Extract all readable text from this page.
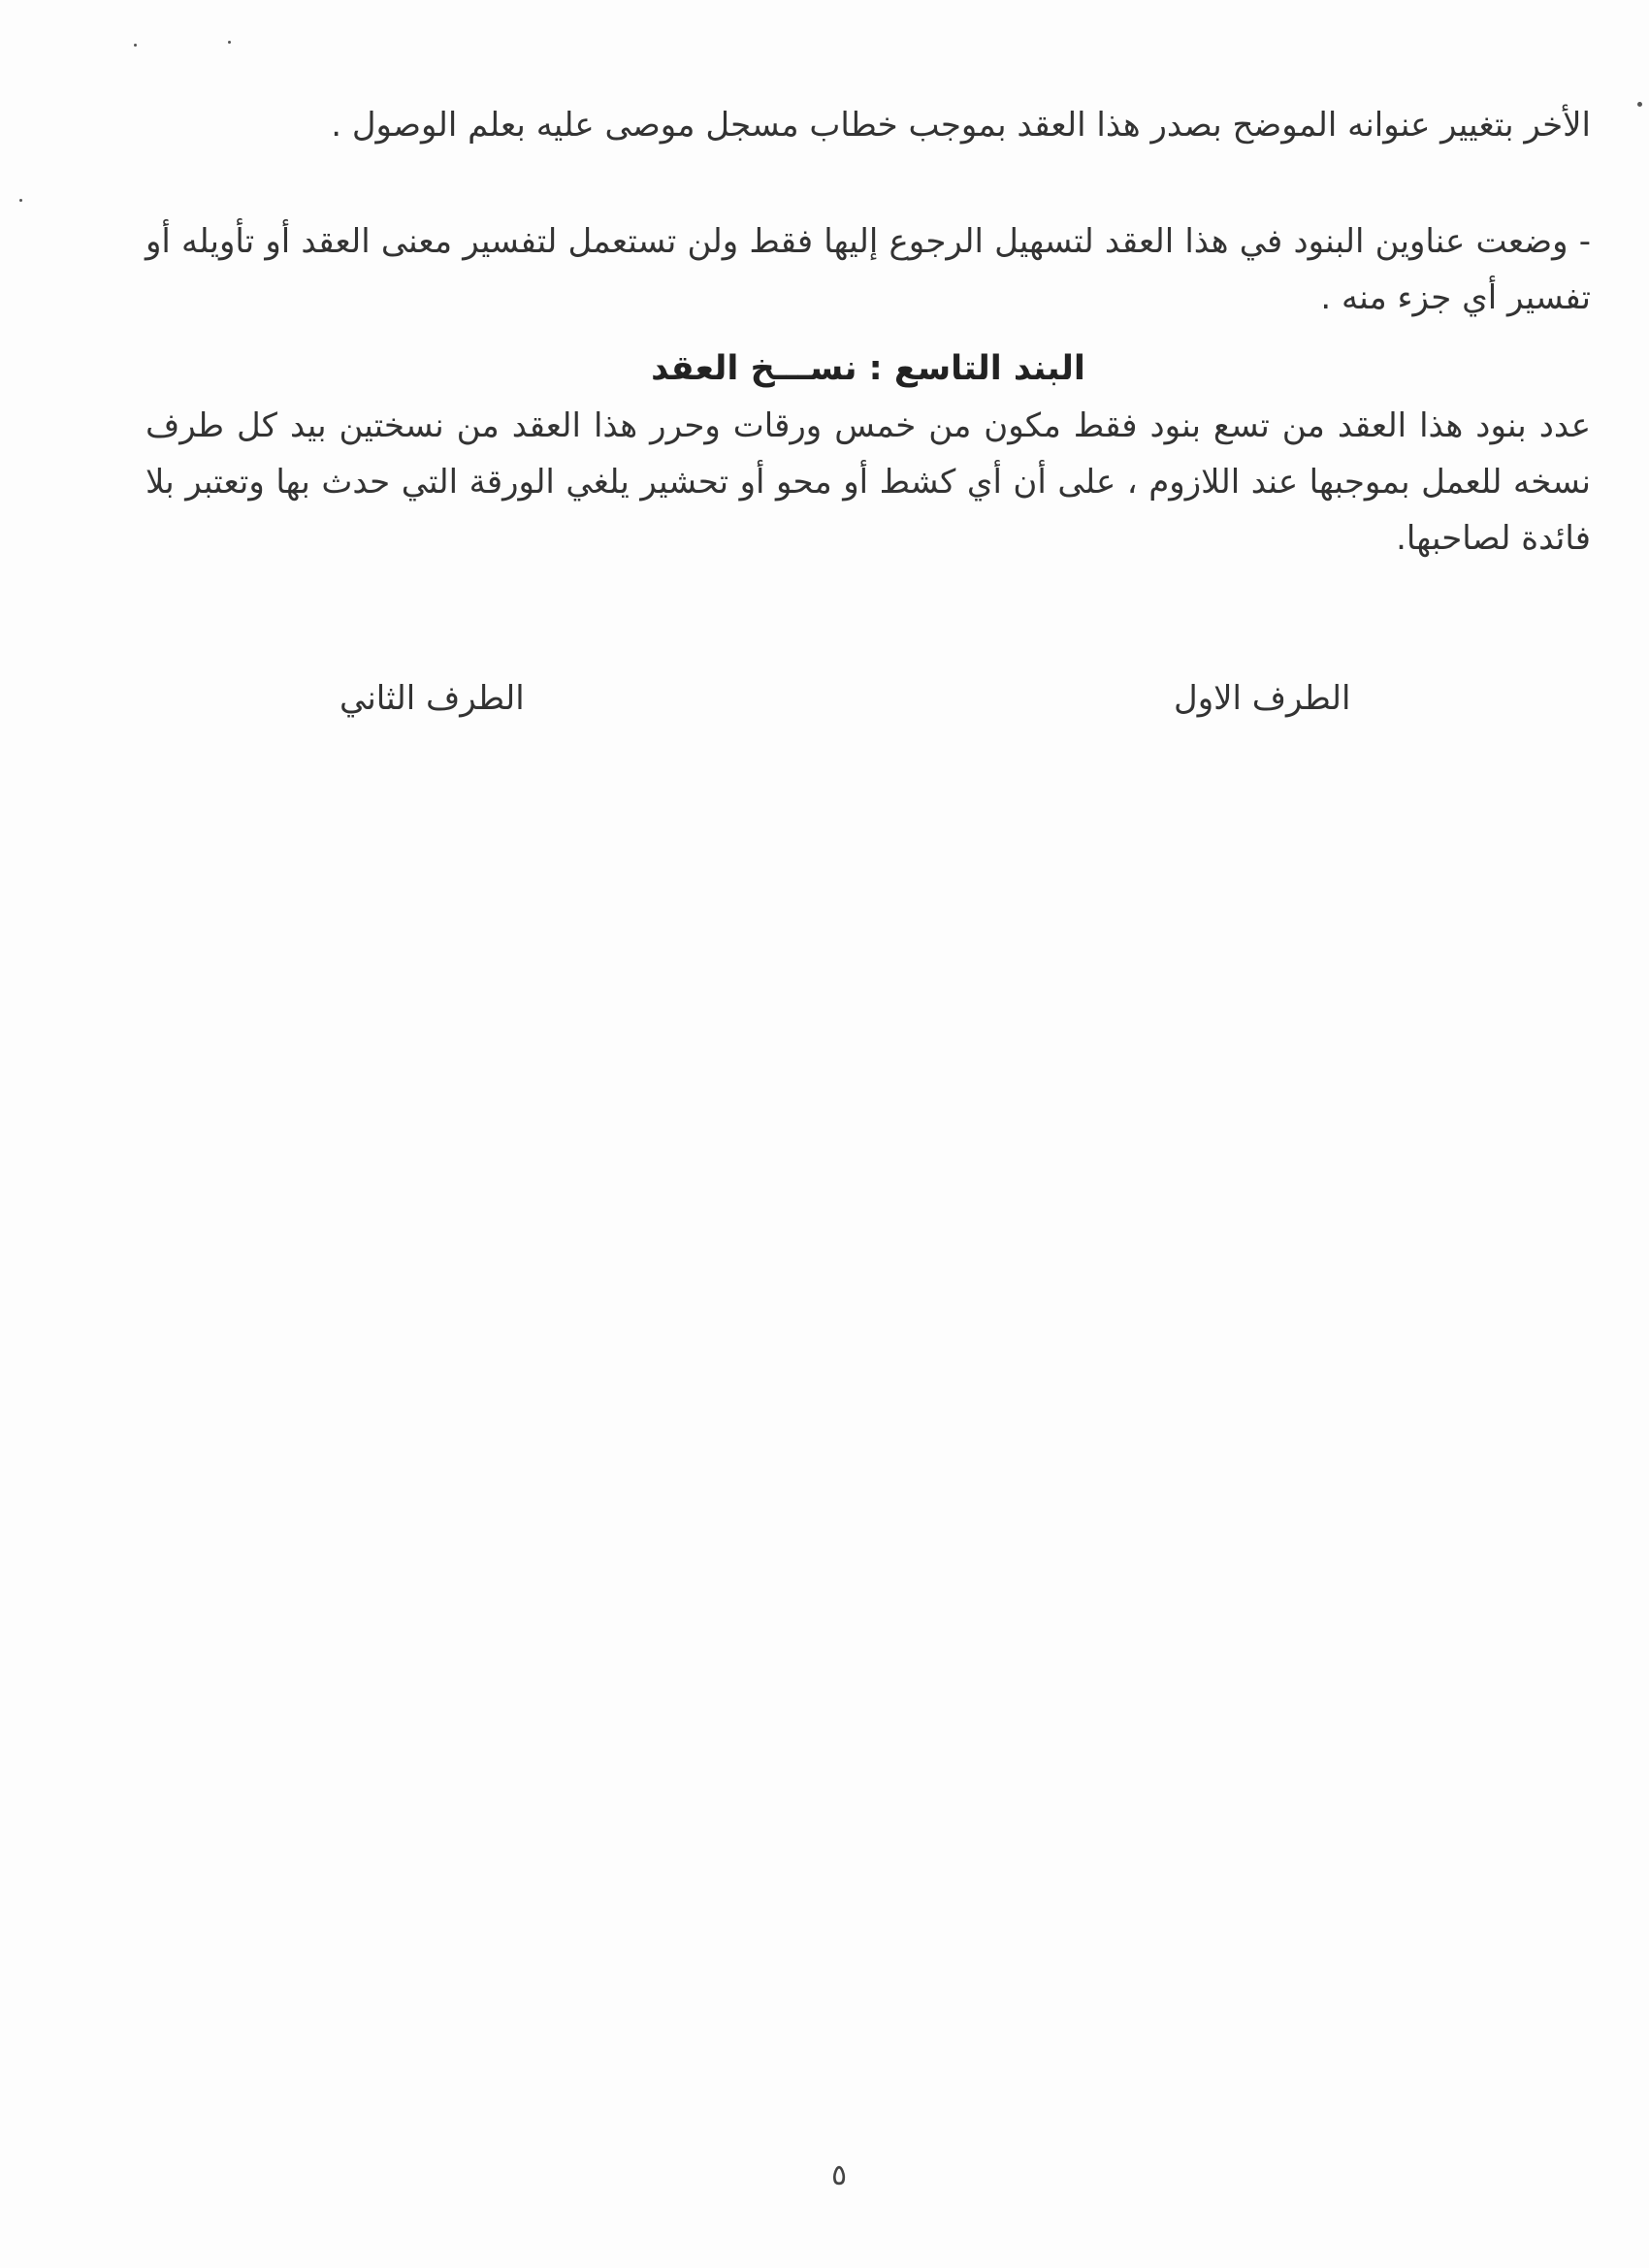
الأخر بتغيير عنوانه الموضح بصدر هذا العقد بموجب خطاب مسجل موصى عليه بعلم الوصول .
- وضعت عناوين البنود في هذا العقد لتسهيل الرجوع إليها فقط ولن تستعمل لتفسير معنى العقد أو تأويله أو تفسير أي جزء منه .
البند التاسع : نســـخ العقد
عدد بنود هذا العقد من تسع بنود فقط مكون من خمس ورقات وحرر هذا العقد من نسختين بيد كل طرف نسخه للعمل بموجبها عند اللازوم ، على أن أي كشط أو محو أو تحشير يلغي الورقة التي حدث بها وتعتبر بلا فائدة لصاحبها.
الطرف الاول
الطرف الثاني
٥
